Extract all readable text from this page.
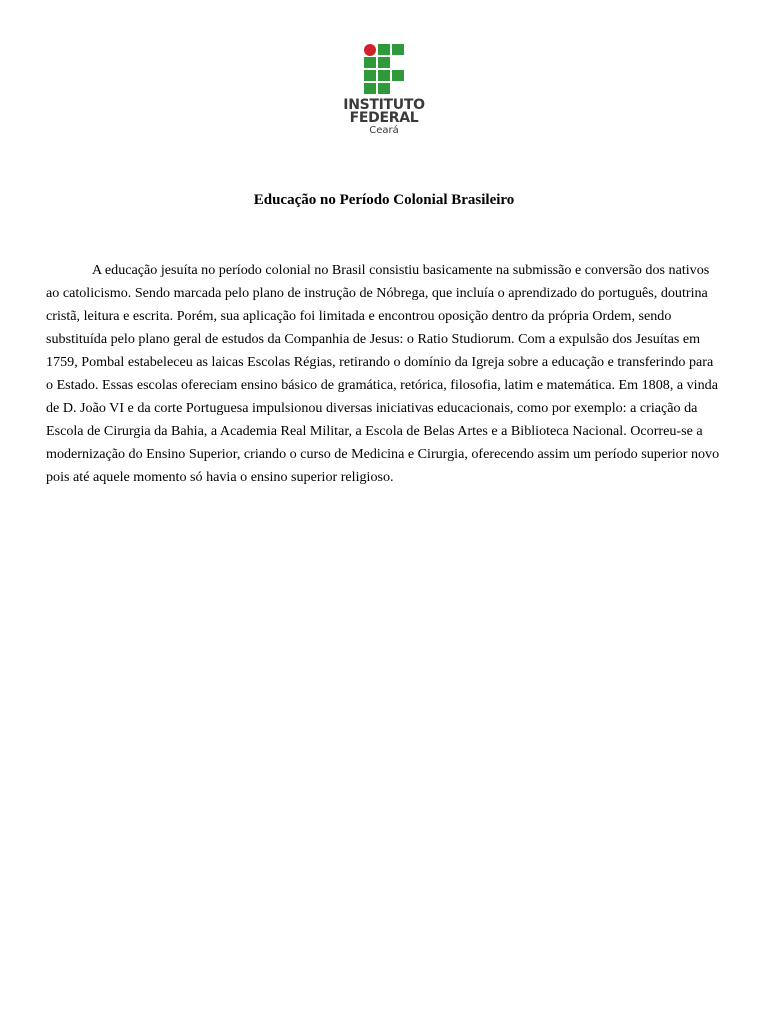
INSTITUTO
FEDERAL
Ceará
Educação no Período Colonial Brasileiro

A educação jesuíta no período colonial no Brasil consistiu basicamente na submissão e conversão dos nativos ao catolicismo. Sendo marcada pelo plano de instrução de Nóbrega, que incluía o aprendizado do português, doutrina cristã, leitura e escrita. Porém, sua aplicação foi limitada e encontrou oposição dentro da própria Ordem, sendo substituída pelo plano geral de estudos da Companhia de Jesus: o Ratio Studiorum. Com a expulsão dos Jesuítas em 1759, Pombal estabeleceu as laicas Escolas Régias, retirando o domínio da Igreja sobre a educação e transferindo para o Estado. Essas escolas ofereciam ensino básico de gramática, retórica, filosofia, latim e matemática. Em 1808, a vinda de D. João VI e da corte Portuguesa impulsionou diversas iniciativas educacionais, como por exemplo: a criação da Escola de Cirurgia da Bahia, a Academia Real Militar, a Escola de Belas Artes e a Biblioteca Nacional. Ocorreu-se a modernização do Ensino Superior, criando o curso de Medicina e Cirurgia, oferecendo assim um período superior novo pois até aquele momento só havia o ensino superior religioso.
